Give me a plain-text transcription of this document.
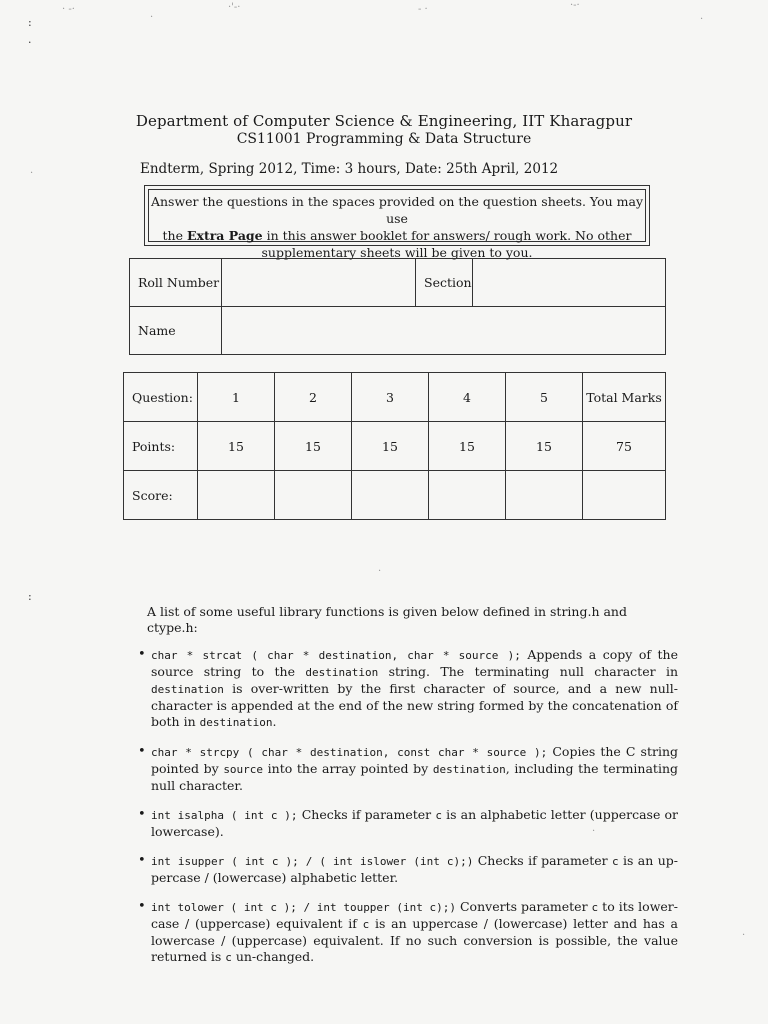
· -·	·'-·	- ·	·-·
·	·
·
·
·
·
:
·
:
Department of Computer Science & Engineering, IIT Kharagpur
CS11001 Programming & Data Structure
Endterm, Spring 2012, Time: 3 hours, Date: 25th April, 2012
Answer the questions in the spaces provided on the question sheets. You may use
the Extra Page in this answer booklet for answers/ rough work. No other
supplementary sheets will be given to you.
Roll Number		Section	
Name			
Question:	1	2	3	4	5	Total Marks
Points:	15	15	15	15	15	75
Score:						
A list of some useful library functions is given below defined in string.h and ctype.h:
• char * strcat ( char * destination, char * source ); Appends a copy of the source string to the destination string. The terminating null character in destination is over-written by the first character of source, and a new null-character is appended at the end of the new string formed by the concatenation of both in destination.
• char * strcpy ( char * destination, const char * source ); Copies the C string pointed by source into the array pointed by destination, including the terminating null character.
• int isalpha ( int c ); Checks if parameter c is an alphabetic letter (uppercase or lowercase).
• int isupper ( int c ); / ( int islower (int c);) Checks if parameter c is an up-percase / (lowercase) alphabetic letter.
• int tolower ( int c ); / int toupper (int c);) Converts parameter c to its lower-case / (uppercase) equivalent if c is an uppercase / (lowercase) letter and has a lowercase / (uppercase) equivalent. If no such conversion is possible, the value returned is c un-changed.
